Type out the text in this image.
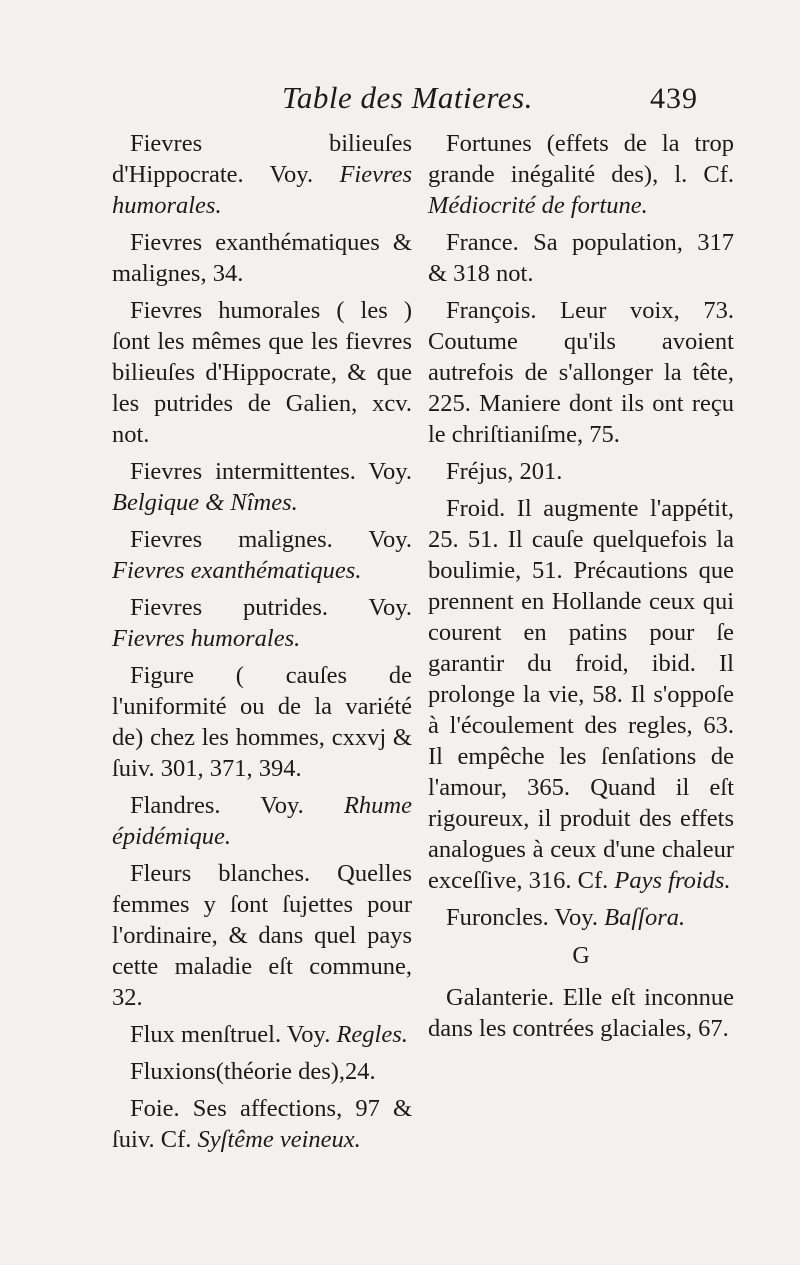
Table des Matieres.	439

Fievres bilieuſes d'Hippocrate. Voy. Fievres humorales.

Fievres exanthématiques & malignes, 34.

Fievres humorales ( les ) ſont les mêmes que les fievres bilieuſes d'Hippocrate, & que les putrides de Galien, xcv. not.

Fievres intermittentes. Voy. Belgique & Nîmes.

Fievres malignes. Voy. Fievres exanthématiques.

Fievres putrides. Voy. Fievres humorales.

Figure ( cauſes de l'uniformité ou de la variété de) chez les hommes, cxxvj & ſuiv. 301, 371, 394.

Flandres. Voy. Rhume épidémique.

Fleurs blanches. Quelles femmes y ſont ſujettes pour l'ordinaire, & dans quel pays cette maladie eſt commune, 32.

Flux menſtruel. Voy. Regles.

Fluxions(théorie des),24.

Foie. Ses affections, 97 & ſuiv. Cf. Syſtême veineux.

Fortunes (effets de la trop grande inégalité des), l. Cf. Médiocrité de fortune.

France. Sa population, 317 & 318 not.

François. Leur voix, 73. Coutume qu'ils avoient autrefois de s'allonger la tête, 225. Maniere dont ils ont reçu le chriſtianiſme, 75.

Fréjus, 201.

Froid. Il augmente l'appétit, 25. 51. Il cauſe quelquefois la boulimie, 51. Précautions que prennent en Hollande ceux qui courent en patins pour ſe garantir du froid, ibid. Il prolonge la vie, 58. Il s'oppoſe à l'écoulement des regles, 63. Il empêche les ſenſations de l'amour, 365. Quand il eſt rigoureux, il produit des effets analogues à ceux d'une chaleur exceſſive, 316. Cf. Pays froids.

Furoncles. Voy. Baſſora.

G

Galanterie. Elle eſt inconnue dans les contrées glaciales, 67.
